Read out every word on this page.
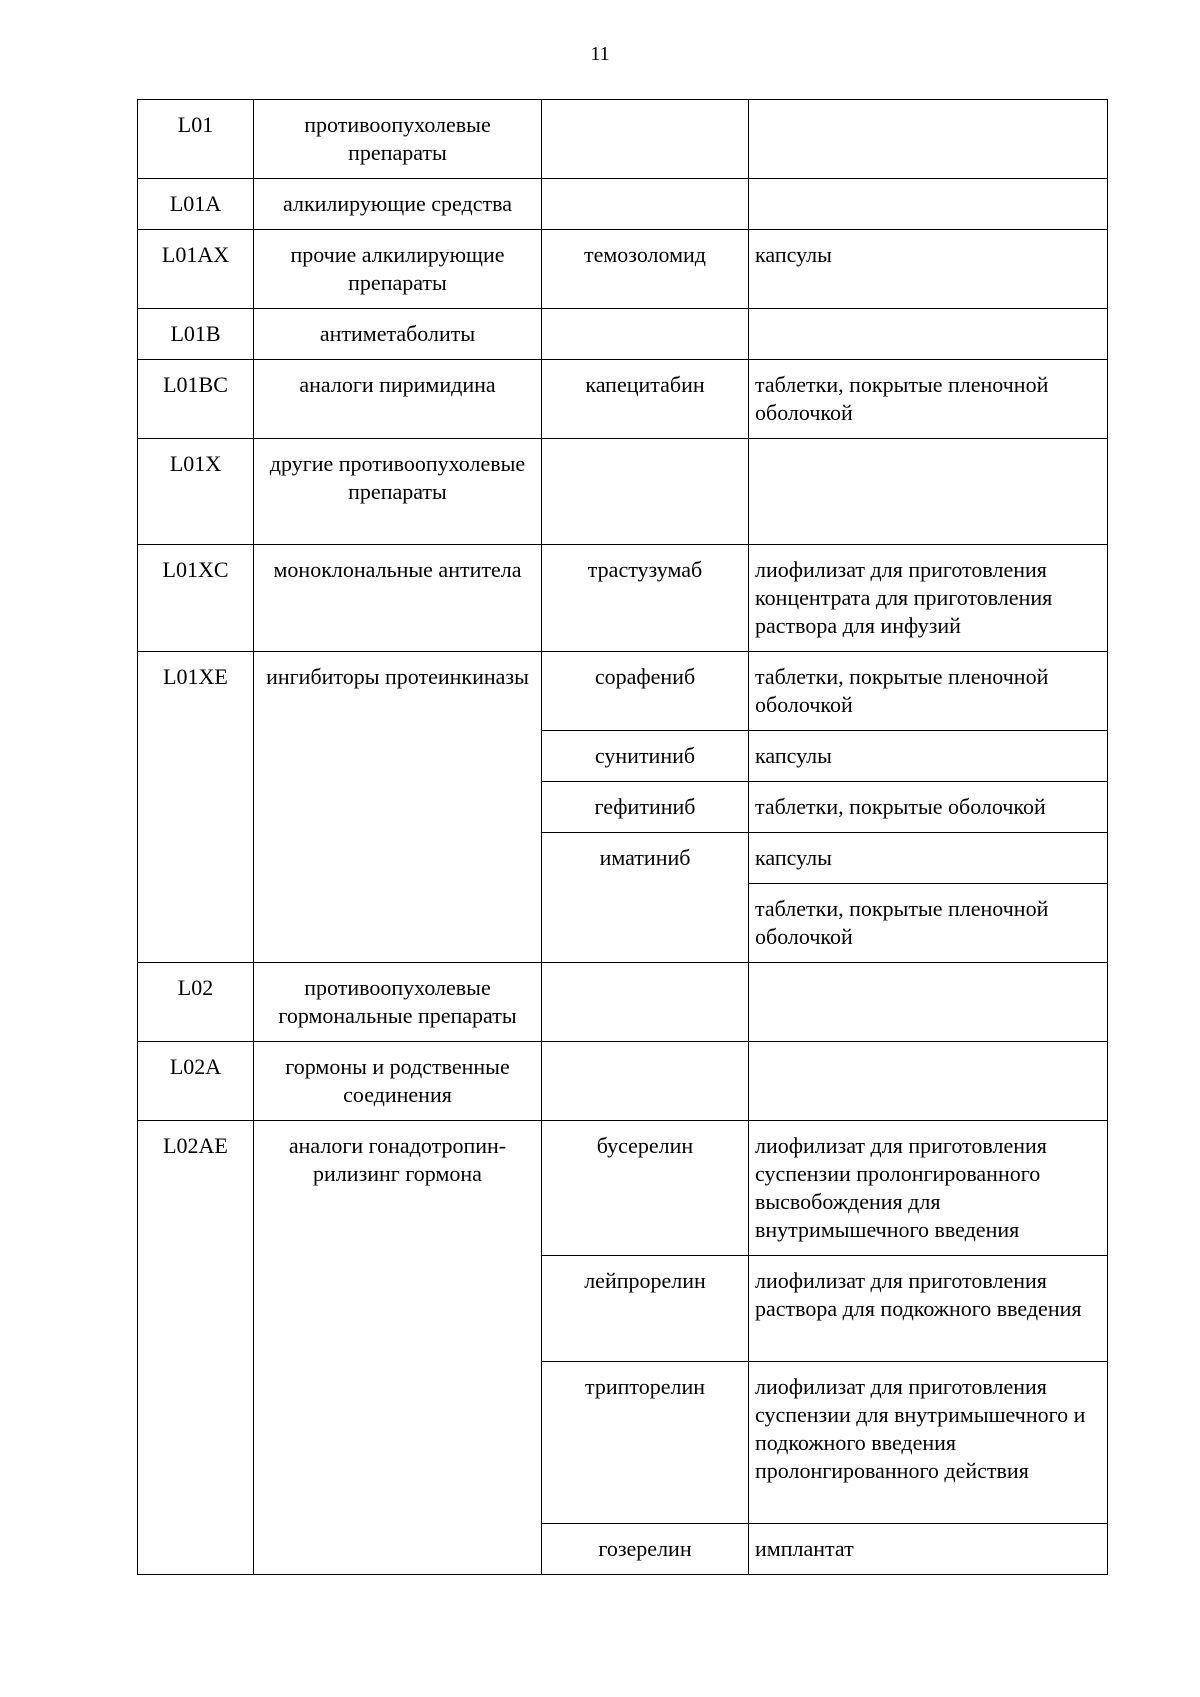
11
L01	противоопухолевые препараты		
L01A	алкилирующие средства		
L01AX	прочие алкилирующие препараты	темозоломид	капсулы
L01B	антиметаболиты		
L01BC	аналоги пиримидина	капецитабин	таблетки, покрытые пленочной оболочкой
L01X	другие противоопухолевые препараты		
L01XC	моноклональные антитела	трастузумаб	лиофилизат для приготовления концентрата для приготовления раствора для инфузий
L01XE	ингибиторы протеинкиназы	сорафениб	таблетки, покрытые пленочной оболочкой
		сунитиниб	капсулы
		гефитиниб	таблетки, покрытые оболочкой
		иматиниб	капсулы
			таблетки, покрытые пленочной оболочкой
L02	противоопухолевые гормональные препараты		
L02A	гормоны и родственные соединения		
L02AE	аналоги гонадотропин-рилизинг гормона	бусерелин	лиофилизат для приготовления суспензии пролонгированного высвобождения для внутримышечного введения
		лейпрорелин	лиофилизат для приготовления раствора для подкожного введения
		трипторелин	лиофилизат для приготовления суспензии для внутримышечного и подкожного введения пролонгированного действия
		гозерелин	имплантат
